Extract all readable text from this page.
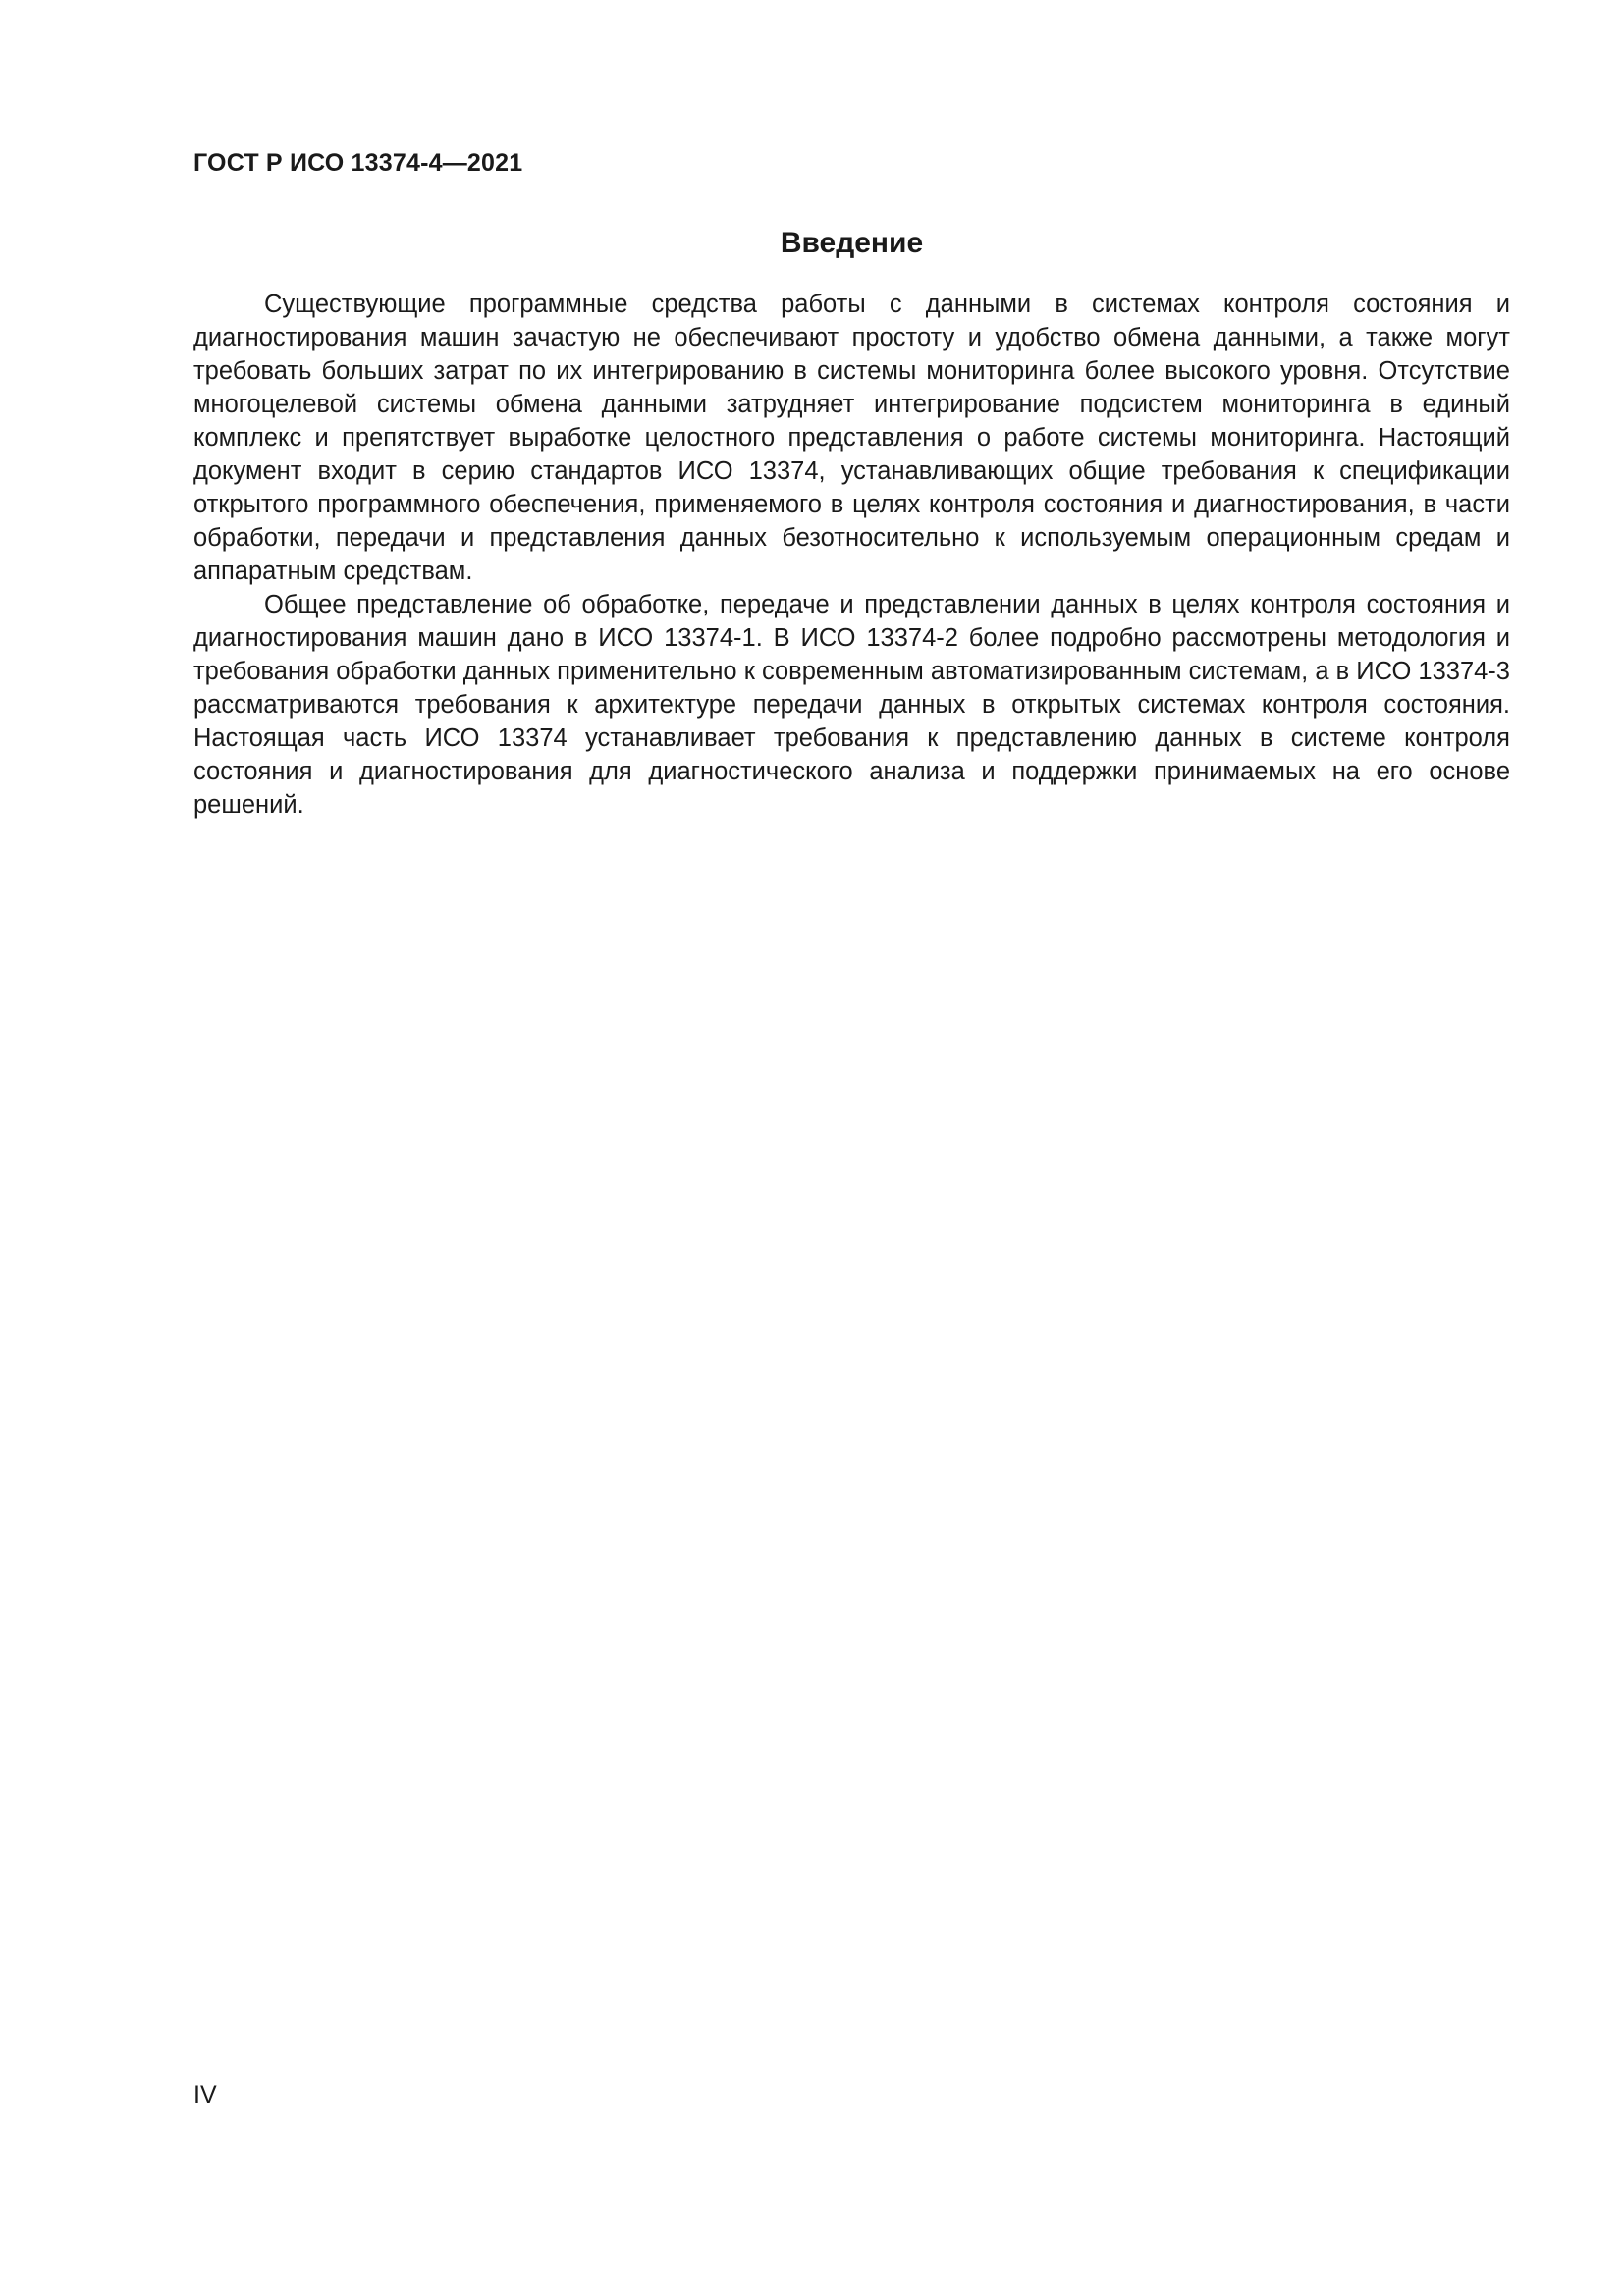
ГОСТ Р ИСО 13374-4—2021
Введение

Существующие программные средства работы с данными в системах контроля состояния и диагностирования машин зачастую не обеспечивают простоту и удобство обмена данными, а также могут требовать больших затрат по их интегрированию в системы мониторинга более высокого уровня. Отсутствие многоцелевой системы обмена данными затрудняет интегрирование подсистем мониторинга в единый комплекс и препятствует выработке целостного представления о работе системы мониторинга. Настоящий документ входит в серию стандартов ИСО 13374, устанавливающих общие требования к спецификации открытого программного обеспечения, применяемого в целях контроля состояния и диагностирования, в части обработки, передачи и представления данных безотносительно к используемым операционным средам и аппаратным средствам.

Общее представление об обработке, передаче и представлении данных в целях контроля состояния и диагностирования машин дано в ИСО 13374-1. В ИСО 13374-2 более подробно рассмотрены методология и требования обработки данных применительно к современным автоматизированным системам, а в ИСО 13374-3 рассматриваются требования к архитектуре передачи данных в открытых системах контроля состояния. Настоящая часть ИСО 13374 устанавливает требования к представлению данных в системе контроля состояния и диагностирования для диагностического анализа и поддержки принимаемых на его основе решений.

IV
